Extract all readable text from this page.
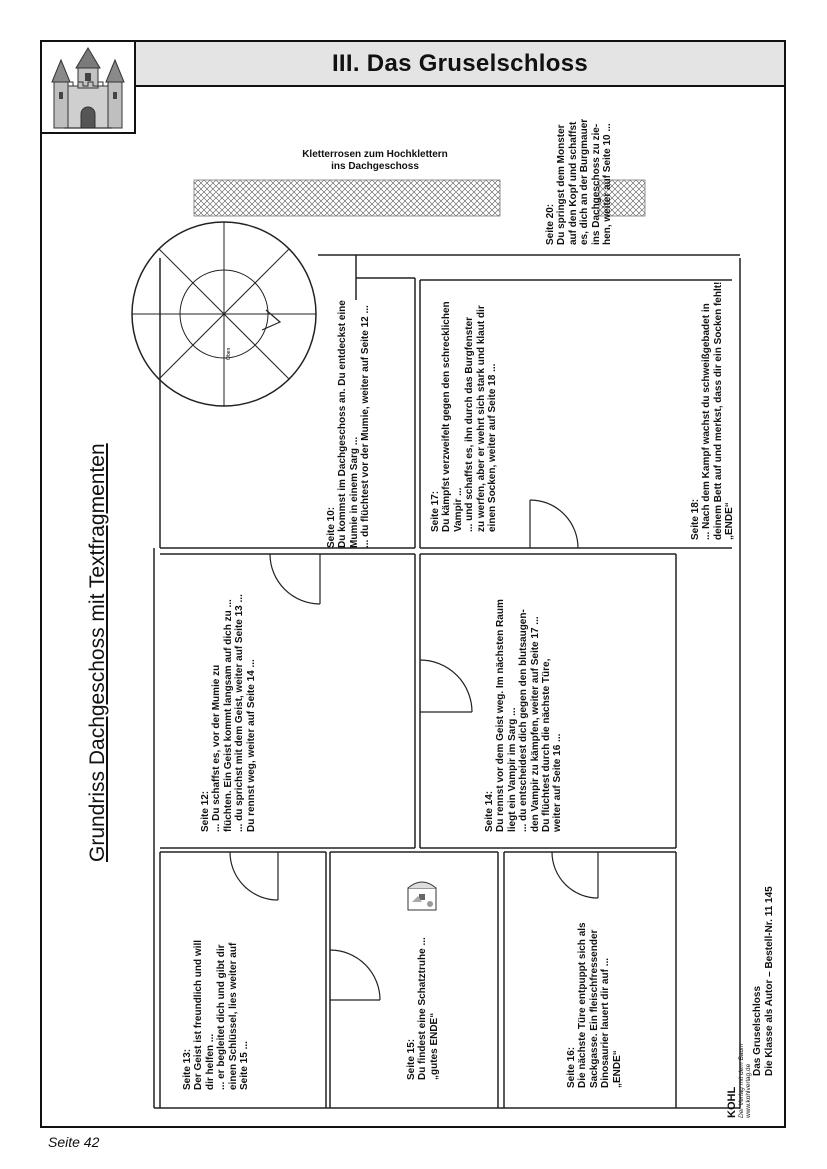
III. Das Gruselschloss
Oben
Kletterrosen zum Hochklettern
ins Dachgeschoss
Grundriss Dachgeschoss mit Textfragmenten	Seite 10: Du kommst im Dachgeschoss an. Du entdeckst eine Mumie in einem Sarg ... ... du flüchtest vor der Mumie, weiter auf Seite 12 ...	Seite 17: Du kämpfst verzweifelt gegen den schrecklichen Vampir ... ... und schaffst es, ihn durch das Burgfenster zu werfen, aber er wehrt sich stark und klaut dir einen Socken, weiter auf Seite 18 ...
Seite 20: Du springst dem Monster auf den Kopf und schaffst es, dich an der Burgmauer ins Dachgeschoss zu zie- hen, weiter auf Seite 10 ...
Seite 18: ... Nach dem Kampf wachst du schweißgebadet in deinem Bett auf und merkst, dass dir ein Socken fehlt! „ENDE“
Seite 12: ... Du schaffst es, vor der Mumie zu flüchten. Ein Geist kommt langsam auf dich zu ... ... du sprichst mit dem Geist, weiter auf Seite 13 ... Du rennst weg, weiter auf Seite 14 ...	Seite 14: Du rennst vor dem Geist weg. Im nächsten Raum liegt ein Vampir im Sarg ... ... du entscheidest dich gegen den blutsaugen- den Vampir zu kämpfen, weiter auf Seite 17 ... Du flüchtest durch die nächste Türe, weiter auf Seite 16 ...
Seite 13: Der Geist ist freundlich und will dir helfen ... ... er begleitet dich und gibt dir einen Schlüssel, lies weiter auf Seite 15 ...	Seite 15: Du findest eine Schatztruhe ... „gutes ENDE“	Seite 16: Die nächste Türe entpuppt sich als Sackgasse. Ein fleischfressender Dinosaurier lauert dir auf ... „ENDE“	Das Gruselschloss Die Klasse als Autor – Bestell-Nr. 11 145
KOHL Der Verlag mit dem Baum www.kohlverlag.de
Seite 42
